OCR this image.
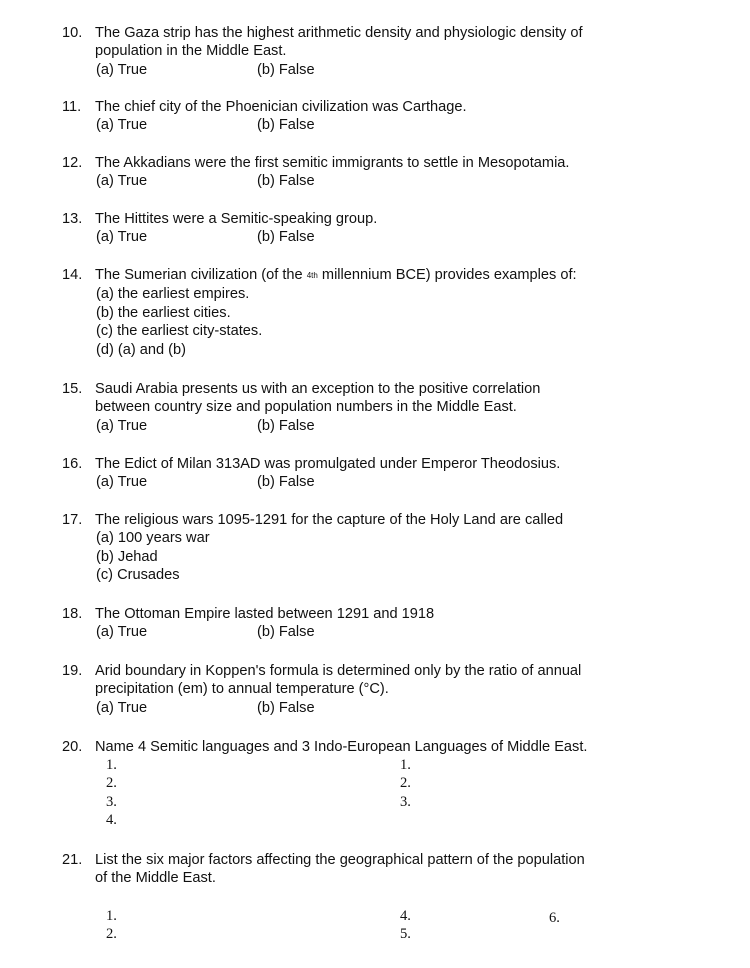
10. The Gaza strip has the highest arithmetic density and physiologic density of
population in the Middle East.
(a) True	(b) False
11. The chief city of the Phoenician civilization was Carthage.
(a) True	(b) False
12. The Akkadians were the first semitic immigrants to settle in Mesopotamia.
(a) True	(b) False
13. The Hittites were a Semitic-speaking group.
(a) True	(b) False
14. The Sumerian civilization (of the 4th millennium BCE) provides examples of:
(a) the earliest empires.
(b) the earliest cities.
(c) the earliest city-states.
(d) (a) and (b)
15. Saudi Arabia presents us with an exception to the positive correlation
between country size and population numbers in the Middle East.
(a) True	(b) False
16. The Edict of Milan 313AD was promulgated under Emperor Theodosius.
(a) True	(b) False
17. The religious wars 1095-1291 for the capture of the Holy Land are called
(a) 100 years war
(b) Jehad
(c) Crusades
18. The Ottoman Empire lasted between 1291 and 1918
(a) True	(b) False
19. Arid boundary in Koppen's formula is determined only by the ratio of annual
precipitation (em) to annual temperature (°C).
(a) True	(b) False
20. Name 4 Semitic languages and 3 Indo-European Languages of Middle East.
1.
2.
3.
4.
1.
2.
3.
21. List the six major factors affecting the geographical pattern of the population
of the Middle East.
1.
2.
4.
5.
6.
